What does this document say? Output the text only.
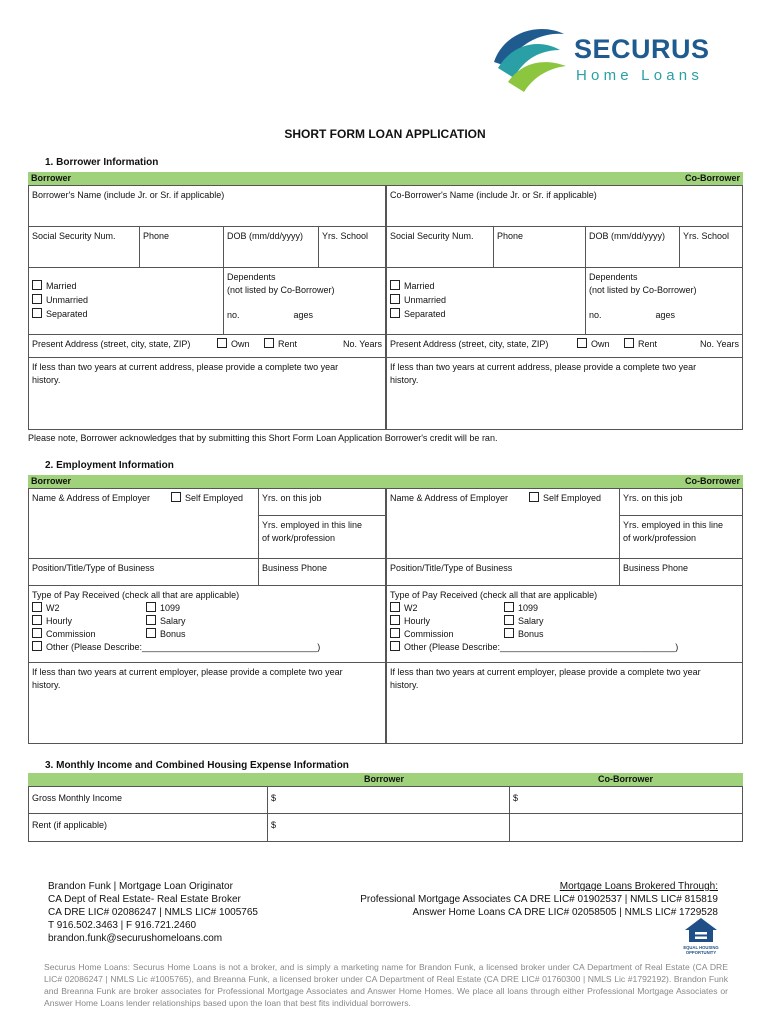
SECURUS
Home Loans
SHORT FORM LOAN APPLICATION
1. Borrower Information
Borrower	Co-Borrower
Borrower's Name (include Jr. or Sr. if applicable)	Co-Borrower's Name (include Jr. or Sr. if applicable)
Social Security Num.	Phone	DOB (mm/dd/yyyy)	Yrs. School	Social Security Num.	Phone	DOB (mm/dd/yyyy)	Yrs. School
Married
Unmarried
Separated
Dependents
(not listed by Co-Borrower)
no.	ages
Married
Unmarried
Separated
Dependents
(not listed by Co-Borrower)
no.	ages
Present Address (street, city, state, ZIP)	Own	Rent	No. Years Present Address (street, city, state, ZIP)	Own	Rent	No. Years
If less than two years at current address, please provide a complete two year history.
If less than two years at current address, please provide a complete two year history.
Please note, Borrower acknowledges that by submitting this Short Form Loan Application Borrower's credit will be ran.
2. Employment Information
Borrower	Co-Borrower
Name & Address of Employer	Self Employed	Yrs. on this job
Yrs. employed in this line of work/profession
Name & Address of Employer	Self Employed	Yrs. on this job
Yrs. employed in this line of work/profession
Position/Title/Type of Business	Business Phone	Position/Title/Type of Business	Business Phone
Type of Pay Received (check all that are applicable)
W2	1099
Hourly	Salary
Commission	Bonus
Other (Please Describe:___________________________________)
Type of Pay Received (check all that are applicable)
W2	1099
Hourly	Salary
Commission	Bonus
Other (Please Describe:___________________________________)
If less than two years at current employer, please provide a complete two year history.
If less than two years at current employer, please provide a complete two year history.
3. Monthly Income and Combined Housing Expense Information
Borrower	Co-Borrower
Gross Monthly Income	$	$
Rent (if applicable)	$
Brandon Funk | Mortgage Loan Originator
CA Dept of Real Estate- Real Estate Broker
CA DRE LIC# 02086247 | NMLS LIC# 1005765
T 916.502.3463 | F 916.721.2460
brandon.funk@securushomeloans.com
Mortgage Loans Brokered Through:
Professional Mortgage Associates CA DRE LIC# 01902537 | NMLS LIC# 815819
Answer Home Loans CA DRE LIC# 02058505 | NMLS LIC# 1729528
EQUAL HOUSING
OPPORTUNITY
Securus Home Loans: Securus Home Loans is not a broker, and is simply a marketing name for Brandon Funk, a licensed broker under CA Department of Real Estate (CA DRE LIC# 02086247 | NMLS Lic #1005765), and Breanna Funk, a licensed broker under CA Department of Real Estate (CA DRE LIC# 01760300 | NMLS Lic #1792192). Brandon Funk and Breanna Funk are broker associates for Professional Mortgage Associates and Answer Home Homes. We place all loans through either Professional Mortgage Associates or Answer Home Loans lender relationships based upon the loan that best fits individual borrowers.
